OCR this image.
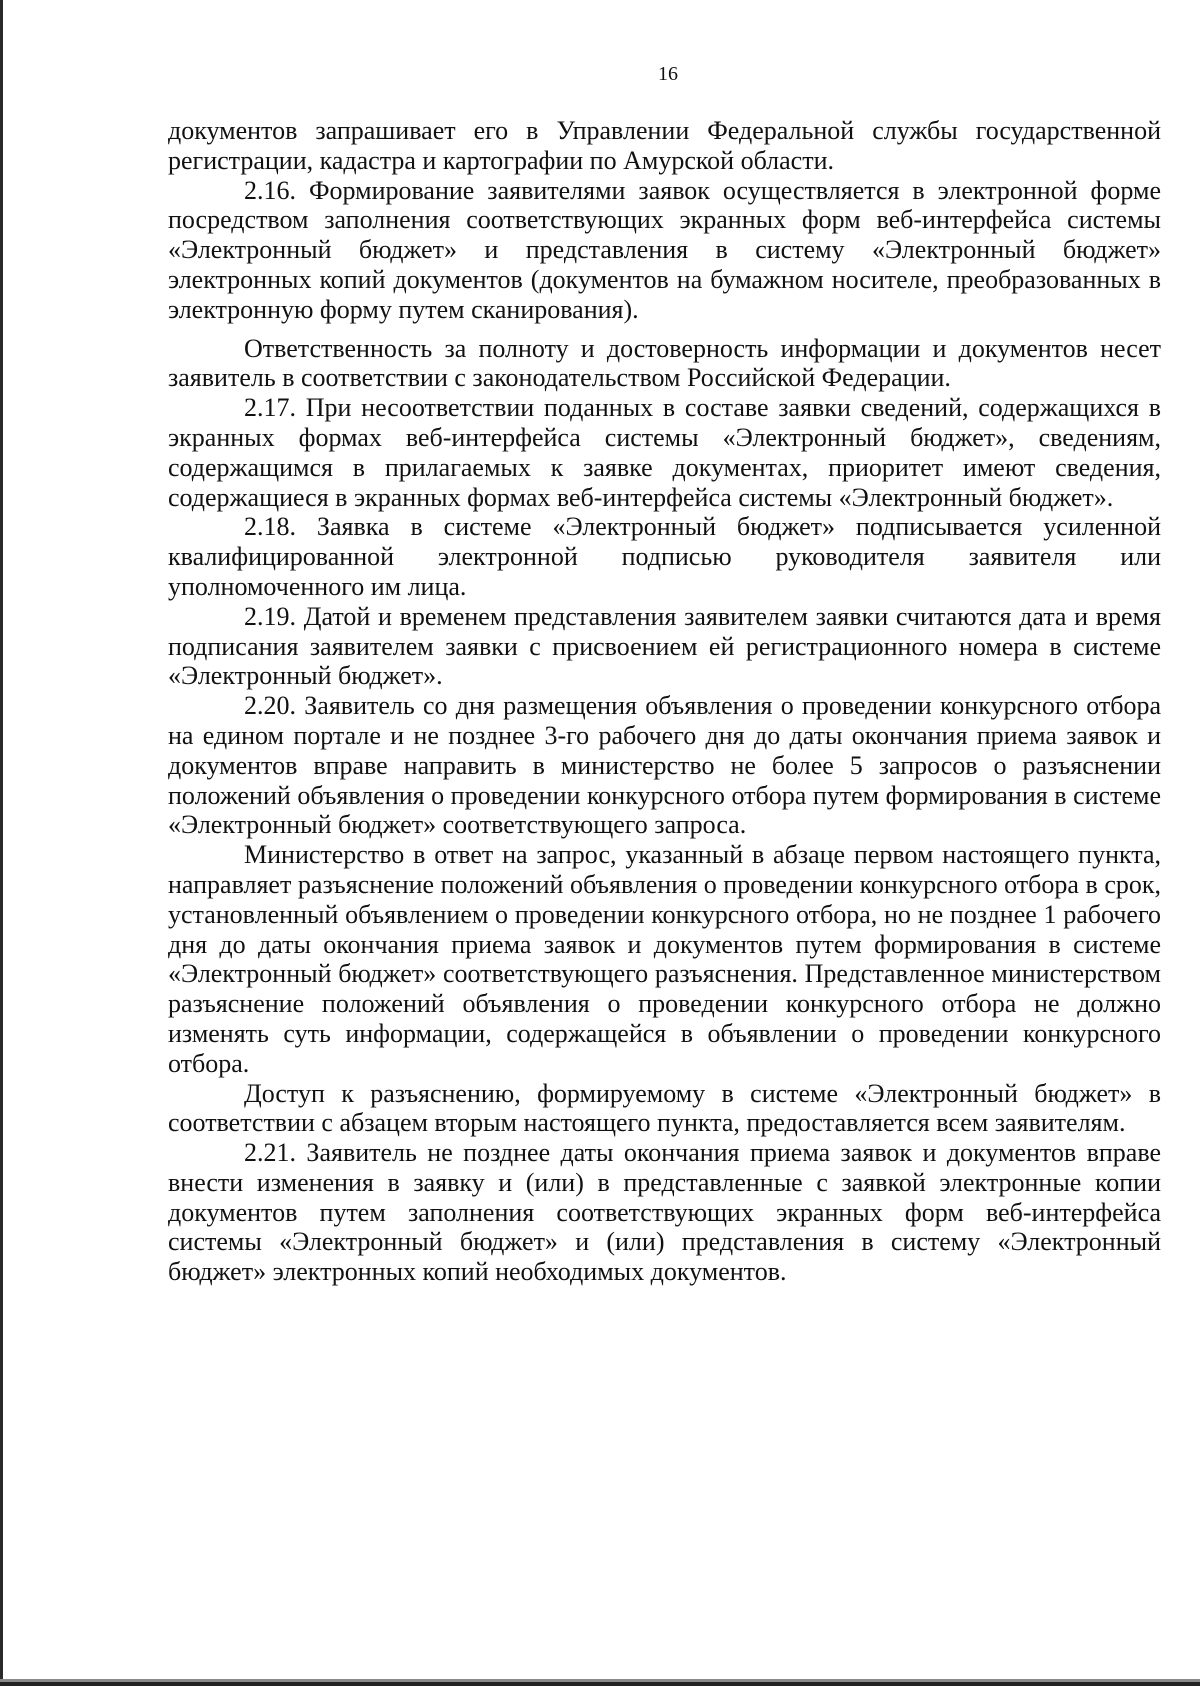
16

документов запрашивает его в Управлении Федеральной службы государственной регистрации, кадастра и картографии по Амурской области.

2.16. Формирование заявителями заявок осуществляется в электронной форме посредством заполнения соответствующих экранных форм веб-интерфейса системы «Электронный бюджет» и представления в систему «Электронный бюджет» электронных копий документов (документов на бумажном носителе, преобразованных в электронную форму путем сканирования).

Ответственность за полноту и достоверность информации и документов несет заявитель в соответствии с законодательством Российской Федерации.

2.17. При несоответствии поданных в составе заявки сведений, содержащихся в экранных формах веб-интерфейса системы «Электронный бюджет», сведениям, содержащимся в прилагаемых к заявке документах, приоритет имеют сведения, содержащиеся в экранных формах веб-интерфейса системы «Электронный бюджет».

2.18. Заявка в системе «Электронный бюджет» подписывается усиленной квалифицированной электронной подписью руководителя заявителя или уполномоченного им лица.

2.19. Датой и временем представления заявителем заявки считаются дата и время подписания заявителем заявки с присвоением ей регистрационного номера в системе «Электронный бюджет».

2.20. Заявитель со дня размещения объявления о проведении конкурсного отбора на едином портале и не позднее 3-го рабочего дня до даты окончания приема заявок и документов вправе направить в министерство не более 5 запросов о разъяснении положений объявления о проведении конкурсного отбора путем формирования в системе «Электронный бюджет» соответствующего запроса.

Министерство в ответ на запрос, указанный в абзаце первом настоящего пункта, направляет разъяснение положений объявления о проведении конкурсного отбора в срок, установленный объявлением о проведении конкурсного отбора, но не позднее 1 рабочего дня до даты окончания приема заявок и документов путем формирования в системе «Электронный бюджет» соответствующего разъяснения. Представленное министерством разъяснение положений объявления о проведении конкурсного отбора не должно изменять суть информации, содержащейся в объявлении о проведении конкурсного отбора.

Доступ к разъяснению, формируемому в системе «Электронный бюджет» в соответствии с абзацем вторым настоящего пункта, предоставляется всем заявителям.

2.21. Заявитель не позднее даты окончания приема заявок и документов вправе внести изменения в заявку и (или) в представленные с заявкой электронные копии документов путем заполнения соответствующих экранных форм веб-интерфейса системы «Электронный бюджет» и (или) представления в систему «Электронный бюджет» электронных копий необходимых документов.
